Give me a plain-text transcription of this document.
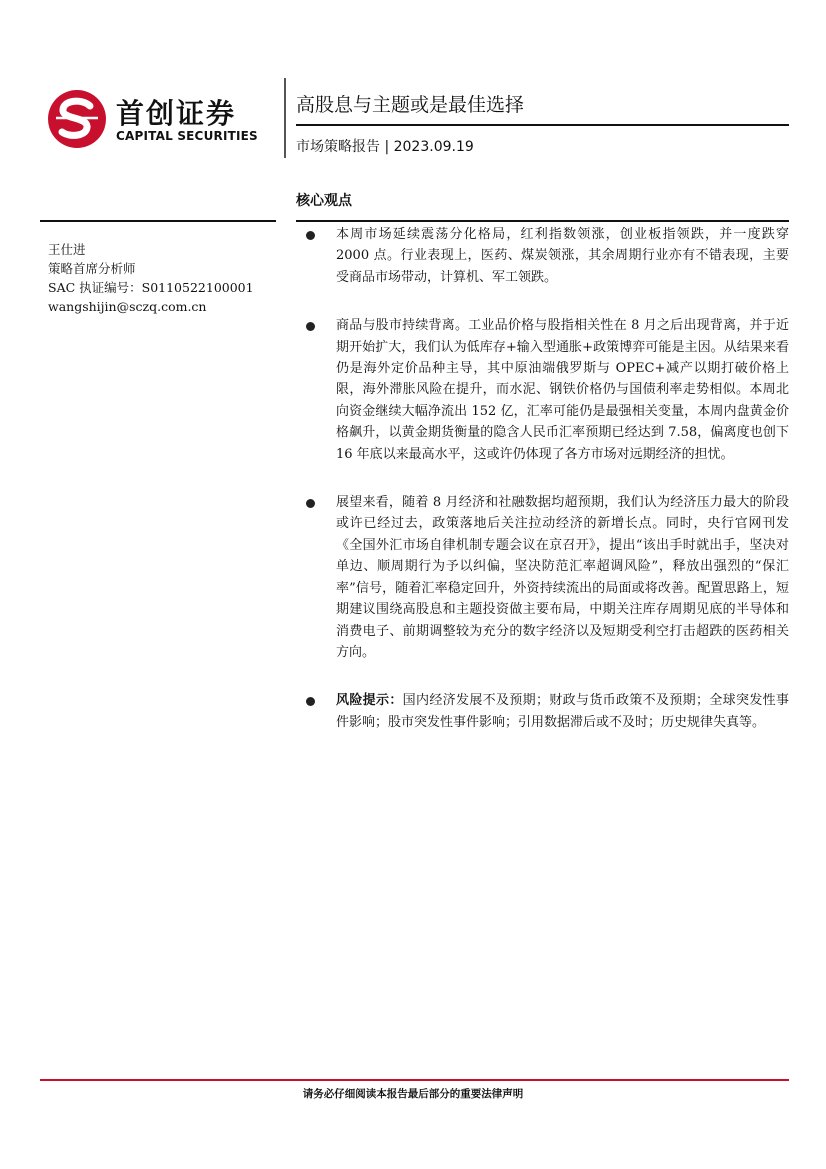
首创证券
CAPITAL SECURITIES
高股息与主题或是最佳选择
市场策略报告 | 2023.09.19
核心观点
王仕进
策略首席分析师
SAC 执证编号：S0110522100001
wangshijin@sczq.com.cn

本周市场延续震荡分化格局，红利指数领涨，创业板指领跌，并一度跌穿 2000 点。行业表现上，医药、煤炭领涨，其余周期行业亦有不错表现，主要受商品市场带动，计算机、军工领跌。

商品与股市持续背离。工业品价格与股指相关性在 8 月之后出现背离，并于近期开始扩大，我们认为低库存+输入型通胀+政策博弈可能是主因。从结果来看仍是海外定价品种主导，其中原油端俄罗斯与 OPEC+减产以期打破价格上限，海外滞胀风险在提升，而水泥、钢铁价格仍与国债利率走势相似。本周北向资金继续大幅净流出 152 亿，汇率可能仍是最强相关变量，本周内盘黄金价格飙升，以黄金期货衡量的隐含人民币汇率预期已经达到 7.58，偏离度也创下 16 年底以来最高水平，这或许仍体现了各方市场对远期经济的担忧。

展望来看，随着 8 月经济和社融数据均超预期，我们认为经济压力最大的阶段或许已经过去，政策落地后关注拉动经济的新增长点。同时，央行官网刊发《全国外汇市场自律机制专题会议在京召开》，提出“该出手时就出手，坚决对单边、顺周期行为予以纠偏，坚决防范汇率超调风险”，释放出强烈的“保汇率”信号，随着汇率稳定回升，外资持续流出的局面或将改善。配置思路上，短期建议围绕高股息和主题投资做主要布局，中期关注库存周期见底的半导体和消费电子、前期调整较为充分的数字经济以及短期受利空打击超跌的医药相关方向。

风险提示：国内经济发展不及预期；财政与货币政策不及预期；全球突发性事件影响；股市突发性事件影响；引用数据滞后或不及时；历史规律失真等。

请务必仔细阅读本报告最后部分的重要法律声明
